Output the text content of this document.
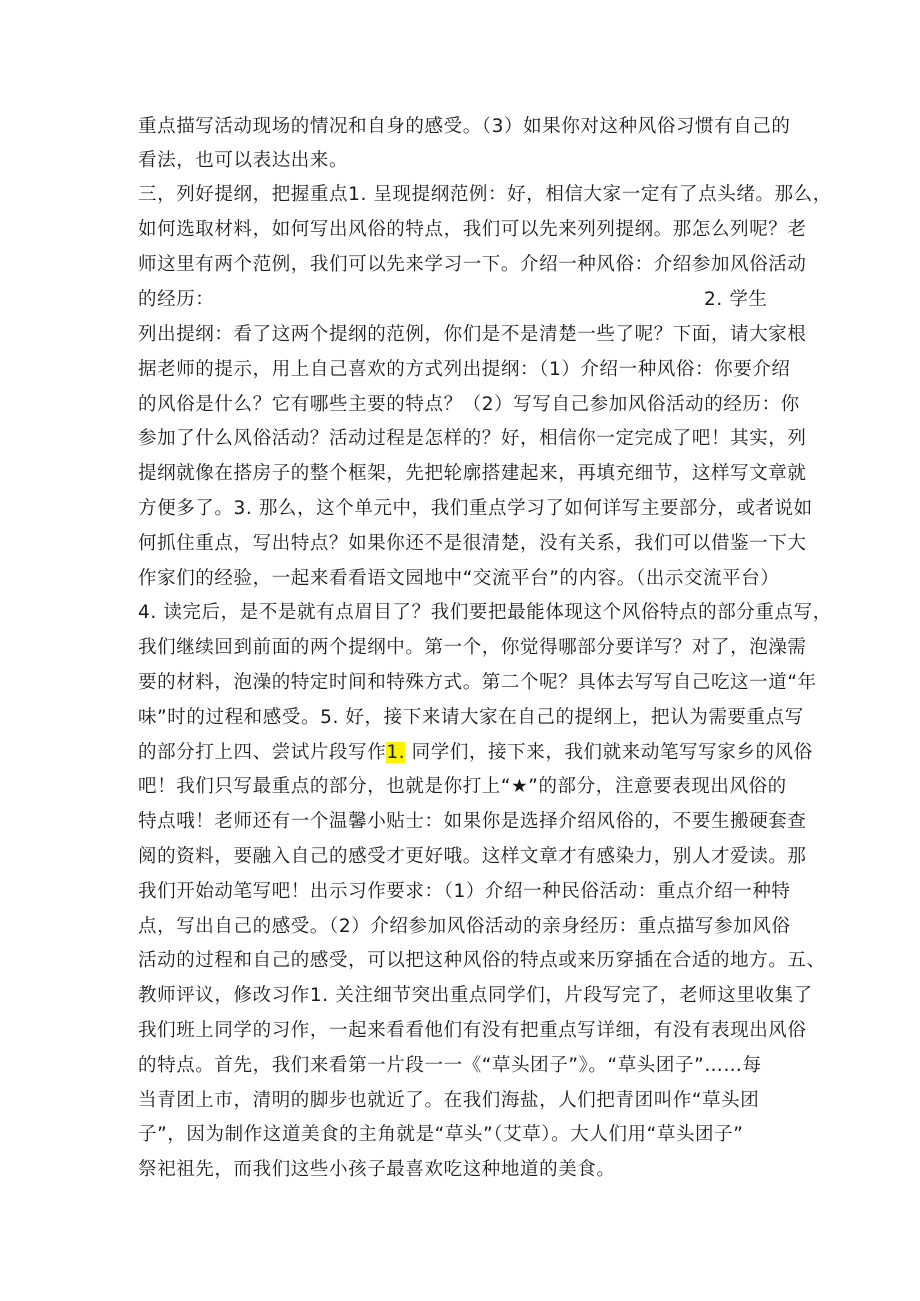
重点描写活动现场的情况和自身的感受。（3）如果你对这种风俗习惯有自己的
看法，也可以表达出来。
三，列好提纲，把握重点1. 呈现提纲范例：好，相信大家一定有了点头绪。那么，
如何选取材料，如何写出风俗的特点，我们可以先来列列提纲。那怎么列呢？老
师这里有两个范例，我们可以先来学习一下。介绍一种风俗：介绍参加风俗活动
的经历：	2. 学生
列出提纲：看了这两个提纲的范例，你们是不是清楚一些了呢？下面，请大家根
据老师的提示，用上自己喜欢的方式列出提纲：（1）介绍一种风俗：你要介绍
的风俗是什么？它有哪些主要的特点？（2）写写自己参加风俗活动的经历：你
参加了什么风俗活动？活动过程是怎样的？好，相信你一定完成了吧！其实，列
提纲就像在搭房子的整个框架，先把轮廓搭建起来，再填充细节，这样写文章就
方便多了。3. 那么，这个单元中，我们重点学习了如何详写主要部分，或者说如
何抓住重点，写出特点？如果你还不是很清楚，没有关系，我们可以借鉴一下大
作家们的经验，一起来看看语文园地中“交流平台”的内容。（出示交流平台）
4. 读完后，是不是就有点眉目了？我们要把最能体现这个风俗特点的部分重点写，
我们继续回到前面的两个提纲中。第一个，你觉得哪部分要详写？对了，泡澡需
要的材料，泡澡的特定时间和特殊方式。第二个呢？具体去写写自己吃这一道“年
味”时的过程和感受。5. 好，接下来请大家在自己的提纲上，把认为需要重点写
的部分打上四、尝试片段写作1. 同学们，接下来，我们就来动笔写写家乡的风俗
吧！我们只写最重点的部分，也就是你打上“★”的部分，注意要表现出风俗的
特点哦！老师还有一个温馨小贴士：如果你是选择介绍风俗的，不要生搬硬套查
阅的资料，要融入自己的感受才更好哦。这样文章才有感染力，别人才爱读。那
我们开始动笔写吧！出示习作要求：（1）介绍一种民俗活动：重点介绍一种特
点，写出自己的感受。（2）介绍参加风俗活动的亲身经历：重点描写参加风俗
活动的过程和自己的感受，可以把这种风俗的特点或来历穿插在合适的地方。五、
教师评议，修改习作1. 关注细节突出重点同学们，片段写完了，老师这里收集了
我们班上同学的习作，一起来看看他们有没有把重点写详细，有没有表现出风俗
的特点。首先，我们来看第一片段一一《“草头团子”》。“草头团子”……每
当青团上市，清明的脚步也就近了。在我们海盐，人们把青团叫作“草头团
子”，因为制作这道美食的主角就是“草头”（艾草）。大人们用“草头团子”
祭祀祖先，而我们这些小孩子最喜欢吃这种地道的美食。
